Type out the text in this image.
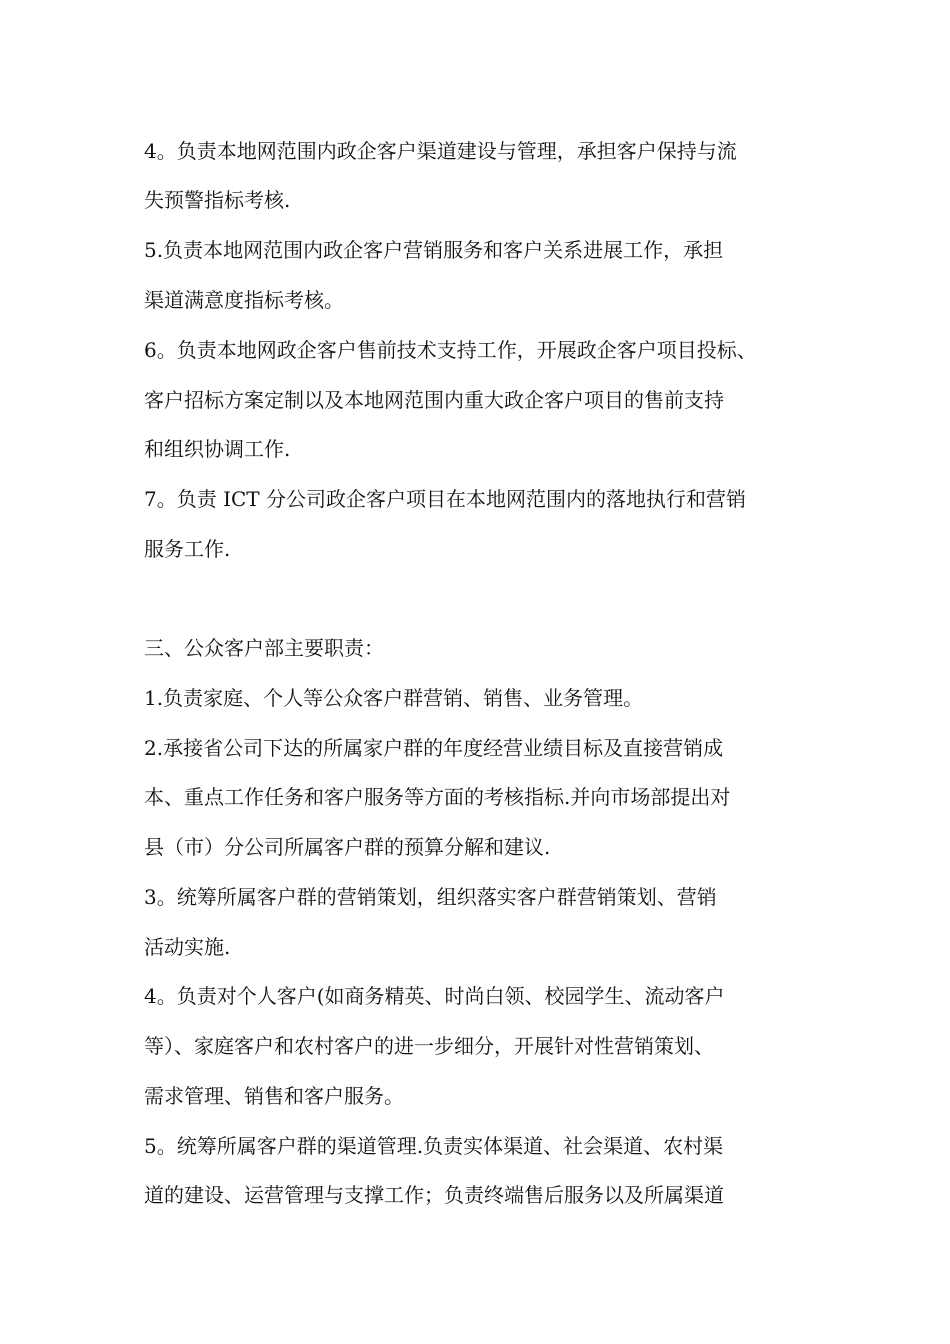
4。负责本地网范围内政企客户渠道建设与管理，承担客户保持与流
失预警指标考核.
5.负责本地网范围内政企客户营销服务和客户关系进展工作，承担
渠道满意度指标考核。
6。负责本地网政企客户售前技术支持工作，开展政企客户项目投标、
客户招标方案定制以及本地网范围内重大政企客户项目的售前支持
和组织协调工作.
7。负责 ICT 分公司政企客户项目在本地网范围内的落地执行和营销
服务工作.
三、公众客户部主要职责：
1.负责家庭、个人等公众客户群营销、销售、业务管理。
2.承接省公司下达的所属家户群的年度经营业绩目标及直接营销成
本、重点工作任务和客户服务等方面的考核指标.并向市场部提出对
县（市）分公司所属客户群的预算分解和建议.
3。统筹所属客户群的营销策划，组织落实客户群营销策划、营销
活动实施.
4。负责对个人客户(如商务精英、时尚白领、校园学生、流动客户
等）、家庭客户和农村客户的进一步细分，开展针对性营销策划、
需求管理、销售和客户服务。
5。统筹所属客户群的渠道管理.负责实体渠道、社会渠道、农村渠
道的建设、运营管理与支撑工作；负责终端售后服务以及所属渠道
